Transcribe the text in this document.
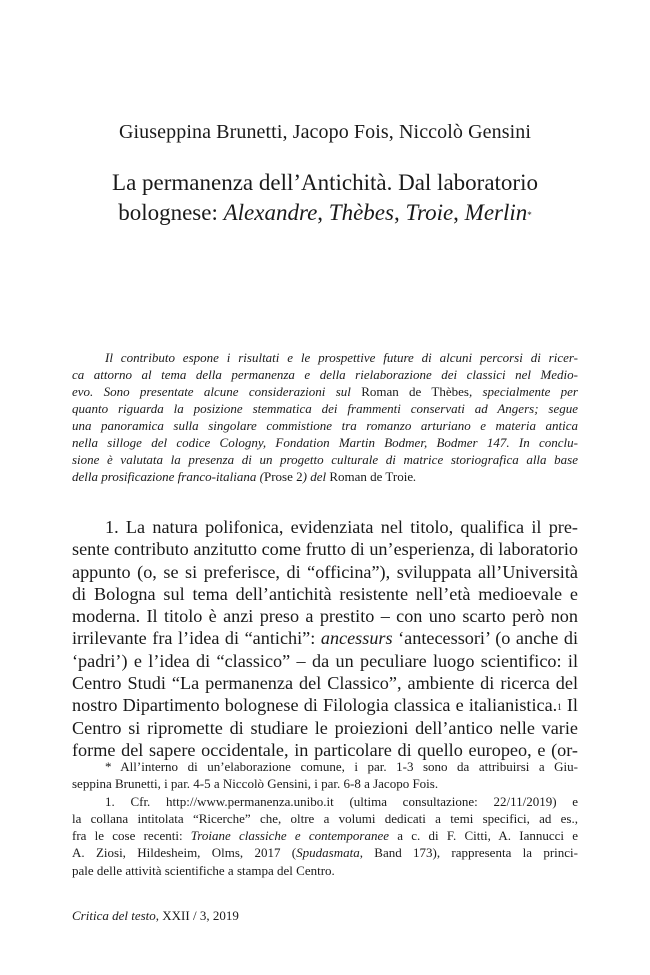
Giuseppina Brunetti, Jacopo Fois, Niccolò Gensini
La permanenza dell’Antichità. Dal laboratorio
bolognese: Alexandre, Thèbes, Troie, Merlin*
Il contributo espone i risultati e le prospettive future di alcuni percorsi di ricer-
ca attorno al tema della permanenza e della rielaborazione dei classici nel Medio-
evo. Sono presentate alcune considerazioni sul Roman de Thèbes, specialmente per
quanto riguarda la posizione stemmatica dei frammenti conservati ad Angers; segue
una panoramica sulla singolare commistione tra romanzo arturiano e materia antica
nella silloge del codice Cologny, Fondation Martin Bodmer, Bodmer 147. In conclu-
sione è valutata la presenza di un progetto culturale di matrice storiografica alla base
della prosificazione franco-italiana (Prose 2) del Roman de Troie.
1. La natura polifonica, evidenziata nel titolo, qualifica il pre-
sente contributo anzitutto come frutto di un’esperienza, di laboratorio
appunto (o, se si preferisce, di “officina”), sviluppata all’Università
di Bologna sul tema dell’antichità resistente nell’età medioevale e
moderna. Il titolo è anzi preso a prestito – con uno scarto però non
irrilevante fra l’idea di “antichi”: ancessurs ‘antecessori’ (o anche di
‘padri’) e l’idea di “classico” – da un peculiare luogo scientifico: il
Centro Studi “La permanenza del Classico”, ambiente di ricerca del
nostro Dipartimento bolognese di Filologia classica e italianistica.$^1$ Il
Centro si ripromette di studiare le proiezioni dell’antico nelle varie
forme del sapere occidentale, in particolare di quello europeo, e (or-
* All’interno di un’elaborazione comune, i par. 1-3 sono da attribuirsi a Giu-
seppina Brunetti, i par. 4-5 a Niccolò Gensini, i par. 6-8 a Jacopo Fois.
1. Cfr. http://www.permanenza.unibo.it (ultima consultazione: 22/11/2019) e
la collana intitolata “Ricerche” che, oltre a volumi dedicati a temi specifici, ad es.,
fra le cose recenti: Troiane classiche e contemporanee a c. di F. Citti, A. Iannucci e
A. Ziosi, Hildesheim, Olms, 2017 (Spudasmata, Band 173), rappresenta la princi-
pale delle attività scientifiche a stampa del Centro.
Critica del testo, XXII / 3, 2019
